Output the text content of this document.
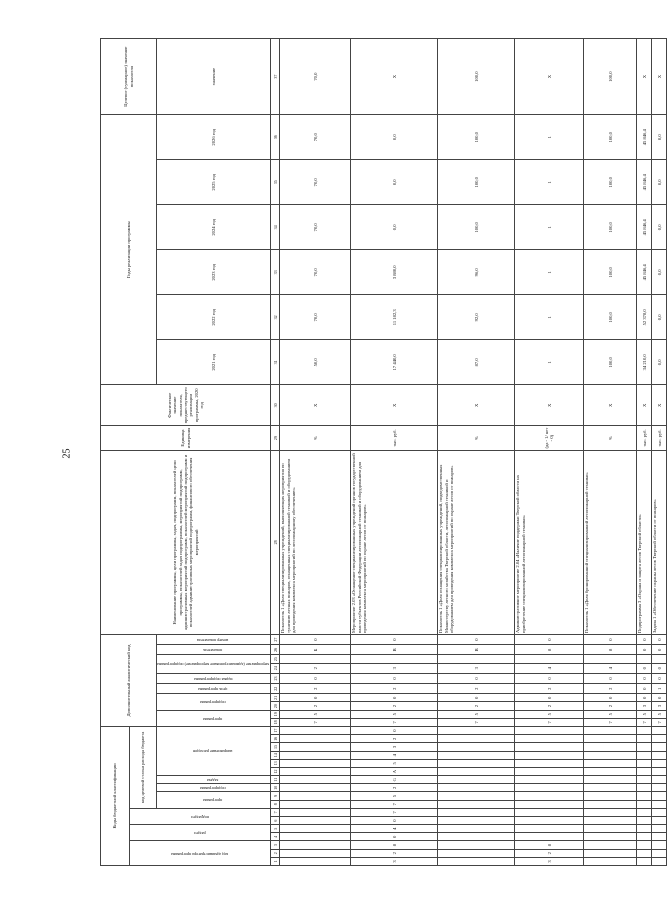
25
Коды бюджетной классификации																	Дополнительный аналитический код										Наименование программы, цели программы, задач, подпрограмм, показателей цели программы, показателей задач подпрограммы, мероприятий подпрограмм, административных мероприятий подпрограмм, показателей мероприятий подпрограмм и показателей административных мероприятий подпрограмм, финансового обеспечения мероприятий	Единица измерения	Фактическое значение показателя, предшествующего реализации программы, 2020 год	Годы реализации программы						Целевое (суммарное) значение показателя
код администратора программы			раздел		подраздел		код целевой статьи расхода бюджета																													
							программа		подпрограмма	задача	направление расходов						программа		подпрограмма		цель программы	задача подпрограммы	мероприятие (административное мероприятие) подпрограммы		показатель	номер показателя				2021 год	2022 год	2023 год	2024 год	2025 год	2026 год	значение
1	2	3	4	5	6	7	8	9	10	11	12	13	14	15	16	17	18	19	20	21	22	23	24	25	26	27	28	29	30	31	32	33	34	35	36	37
																	7	5	2	0	2	0	2		Б	0	Показатель 1 «Доля специализированных учреждений, выполняющих мероприятия по тушению лесных пожаров, оснащенных специализированной техникой и оборудованием для проведения комплекса мероприятий по лесопожарному обеспечению»	%	Х	50,0	70,0	70,0	70,0	70,0	70,0	70,0
3	2	8	0	4	0	7	7	5	2	G	A	5	4	3	2	0	7	5	2	0	2	0	3		В	0	Мероприятие 2.03 «Оснащение специализированных учреждений органов государственной власти субъектов Российской Федерации лесопожарной техникой и оборудованием для проведения комплекса мероприятий по охране лесов от пожаров»	тыс. руб.	Х	17 440,0	11 182,3	3 880,0	0,0	0,0	0,0	Х
																	7	5	2	0	2	0	3		В	0	Показатель 1 «Доля оснащения специализированных учреждений, подведомственных Министерству лесного хозяйства Тверской области, лесопожарной техникой и оборудованием для проведения комплекса мероприятий по охране лесов от пожаров»	%	Х	87,0	92,0	96,0	100,0	100,0	100,0	100,0
3	2	8															7	5	2	0	2	0	4		8	0	Административное мероприятие 2.04 «Наличие поддержки Тверской области на приобретение специализированной лесопожарной техники»	(да - 1/ нет - 0)	Х	1	1	1	1	1	1	Х
																	7	5	2	0	2	0	4		8	0	Показатель 1 «Доля бронированной специализированной лесопожарной техники»	%	Х	100,0	100,0	100,0	100,0	100,0	100,0	100,0
																	7	5	3	0	0	0	0		0	0	Подпрограмма 3 «Охрана и защита лесов Тверской области»	тыс. руб.	Х	34 210,0	52 378,0	45 846,4	45 846,4	45 846,4	45 846,4	Х
																	7	5	3	0	1	0	0		0	0	Задача 1 «Обеспечение охраны лесов Тверской области от пожаров»	тыс. руб.	Х	0,0	0,0	0,0	0,0	0,0	0,0	Х
